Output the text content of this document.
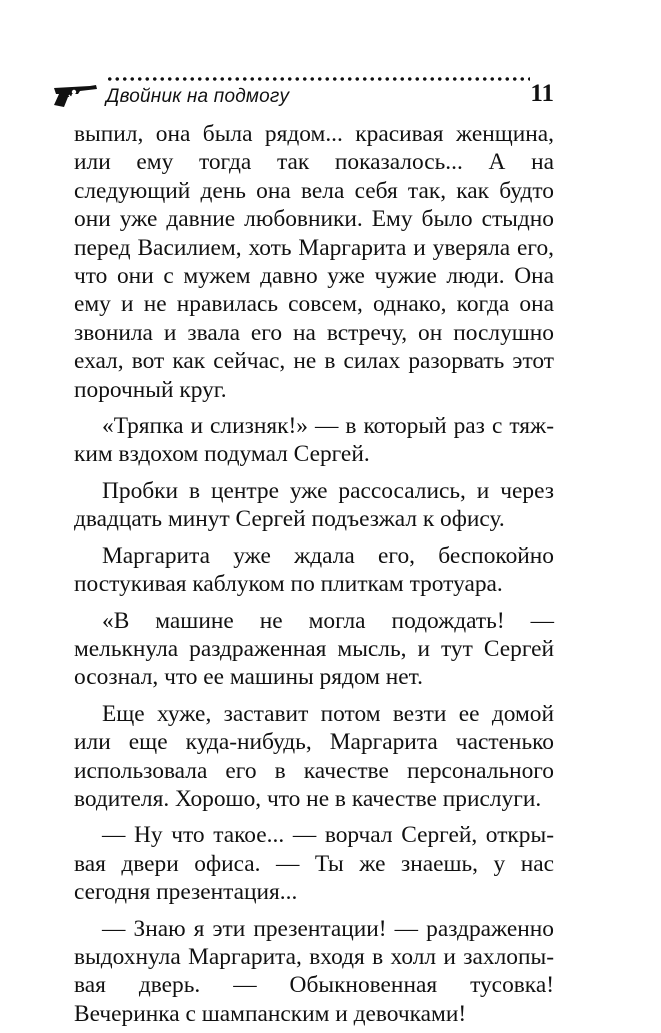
Двойник на подмогу	11

выпил, она была рядом... красивая женщина, или ему тогда так показалось... А на следующий день она вела себя так, как будто они уже давние любовники. Ему было стыдно перед Василием, хоть Маргарита и уверяла его, что они с мужем давно уже чужие люди. Она ему и не нравилась совсем, однако, когда она звонила и звала его на встречу, он послушно ехал, вот как сейчас, не в силах разорвать этот порочный круг.

«Тряпка и слизняк!» — в который раз с тяжким вздохом подумал Сергей.

Пробки в центре уже рассосались, и через двадцать минут Сергей подъезжал к офису.

Маргарита уже ждала его, беспокойно постукивая каблуком по плиткам тротуара.

«В машине не могла подождать! — мелькнула раздраженная мысль, и тут Сергей осознал, что ее машины рядом нет.

Еще хуже, заставит потом везти ее домой или еще куда-нибудь, Маргарита частенько использовала его в качестве персонального водителя. Хорошо, что не в качестве прислуги.

— Ну что такое... — ворчал Сергей, открывая двери офиса. — Ты же знаешь, у нас сегодня презентация...

— Знаю я эти презентации! — раздраженно выдохнула Маргарита, входя в холл и захлопывая дверь. — Обыкновенная тусовка! Вечеринка с шампанским и девочками!
